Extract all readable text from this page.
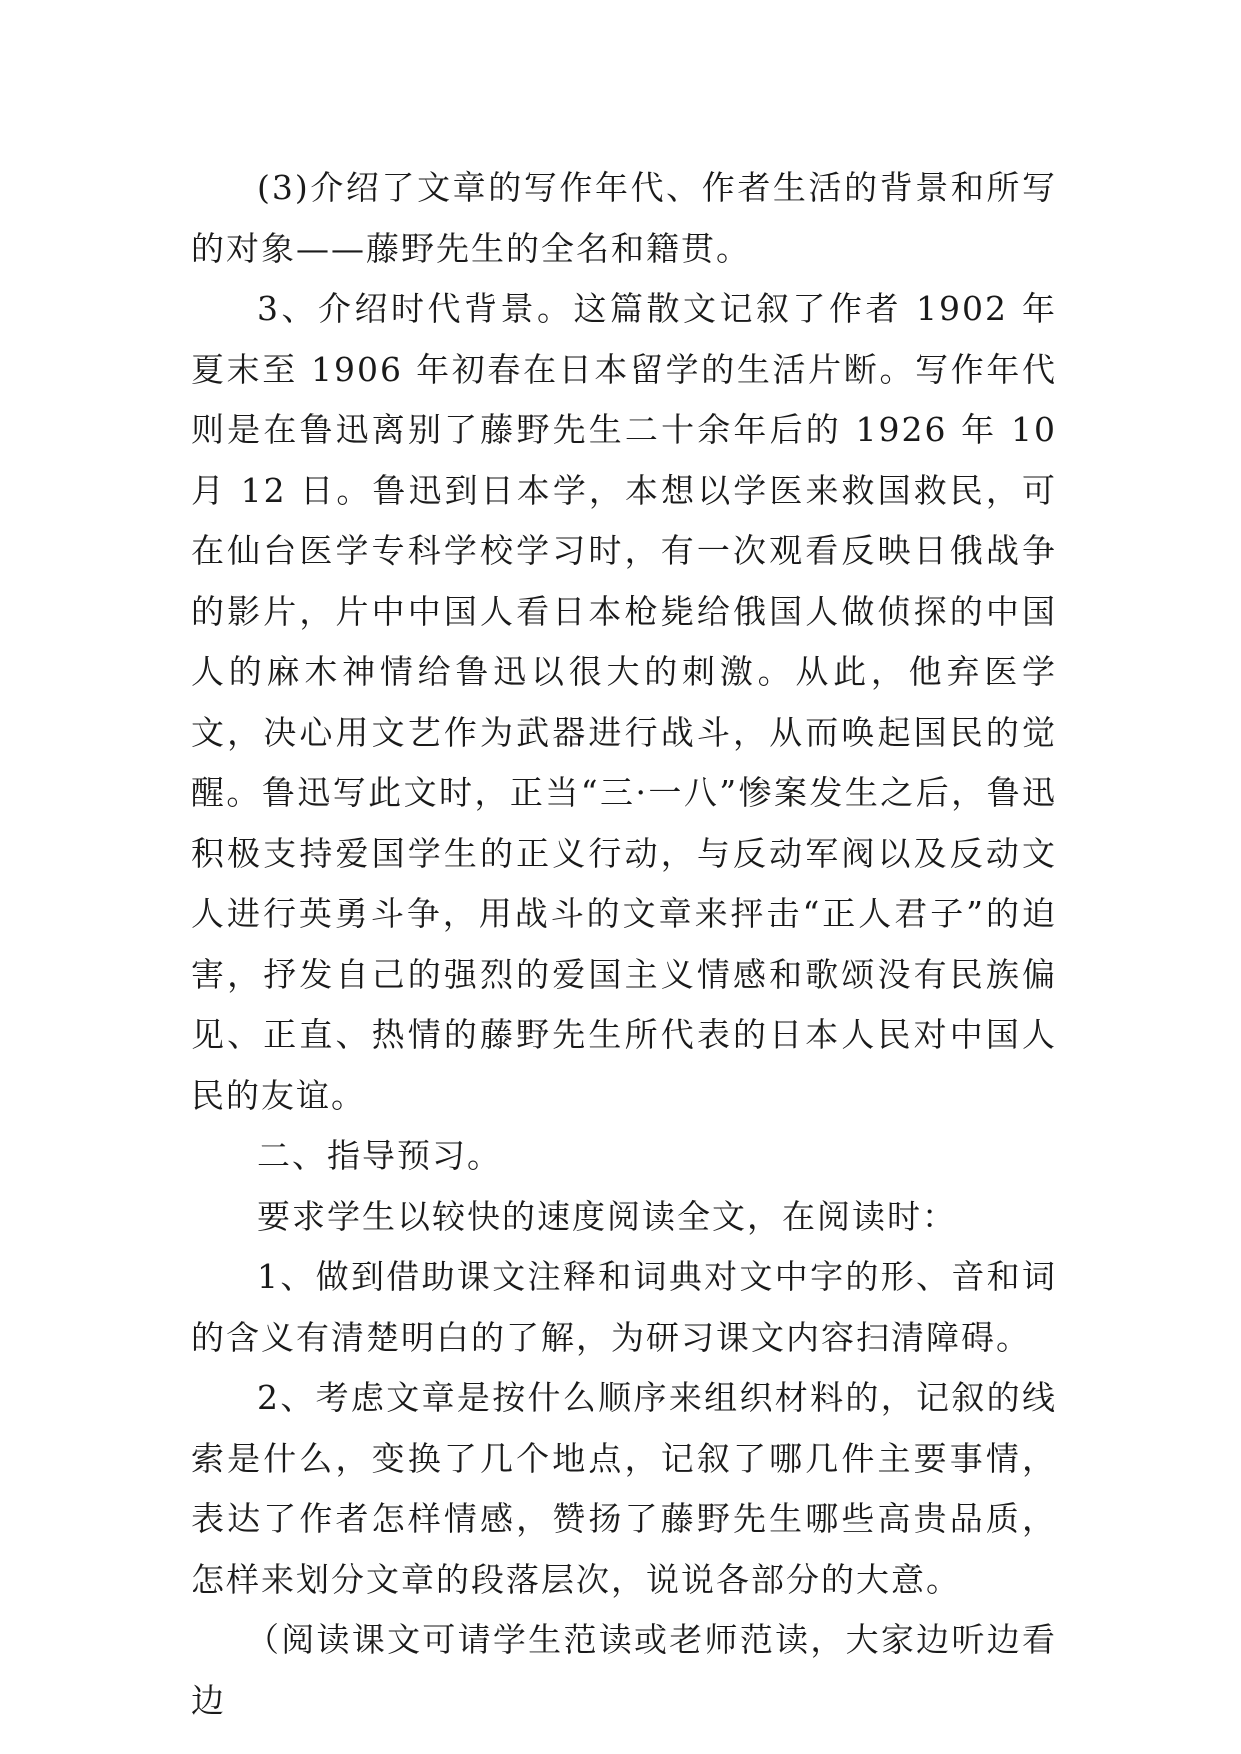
(3)介绍了文章的写作年代、作者生活的背景和所写的对象——藤野先生的全名和籍贯。

3、介绍时代背景。这篇散文记叙了作者 1902 年夏末至 1906 年初春在日本留学的生活片断。写作年代则是在鲁迅离别了藤野先生二十余年后的 1926 年 10 月 12 日。鲁迅到日本学，本想以学医来救国救民，可在仙台医学专科学校学习时，有一次观看反映日俄战争的影片，片中中国人看日本枪毙给俄国人做侦探的中国人的麻木神情给鲁迅以很大的刺激。从此，他弃医学文，决心用文艺作为武器进行战斗，从而唤起国民的觉醒。鲁迅写此文时，正当“三·一八”惨案发生之后，鲁迅积极支持爱国学生的正义行动，与反动军阀以及反动文人进行英勇斗争，用战斗的文章来抨击“正人君子”的迫害，抒发自己的强烈的爱国主义情感和歌颂没有民族偏见、正直、热情的藤野先生所代表的日本人民对中国人民的友谊。

二、指导预习。

要求学生以较快的速度阅读全文，在阅读时：

1、做到借助课文注释和词典对文中字的形、音和词的含义有清楚明白的了解，为研习课文内容扫清障碍。

2、考虑文章是按什么顺序来组织材料的，记叙的线索是什么，变换了几个地点，记叙了哪几件主要事情，表达了作者怎样情感，赞扬了藤野先生哪些高贵品质，怎样来划分文章的段落层次，说说各部分的大意。

（阅读课文可请学生范读或老师范读，大家边听边看边
